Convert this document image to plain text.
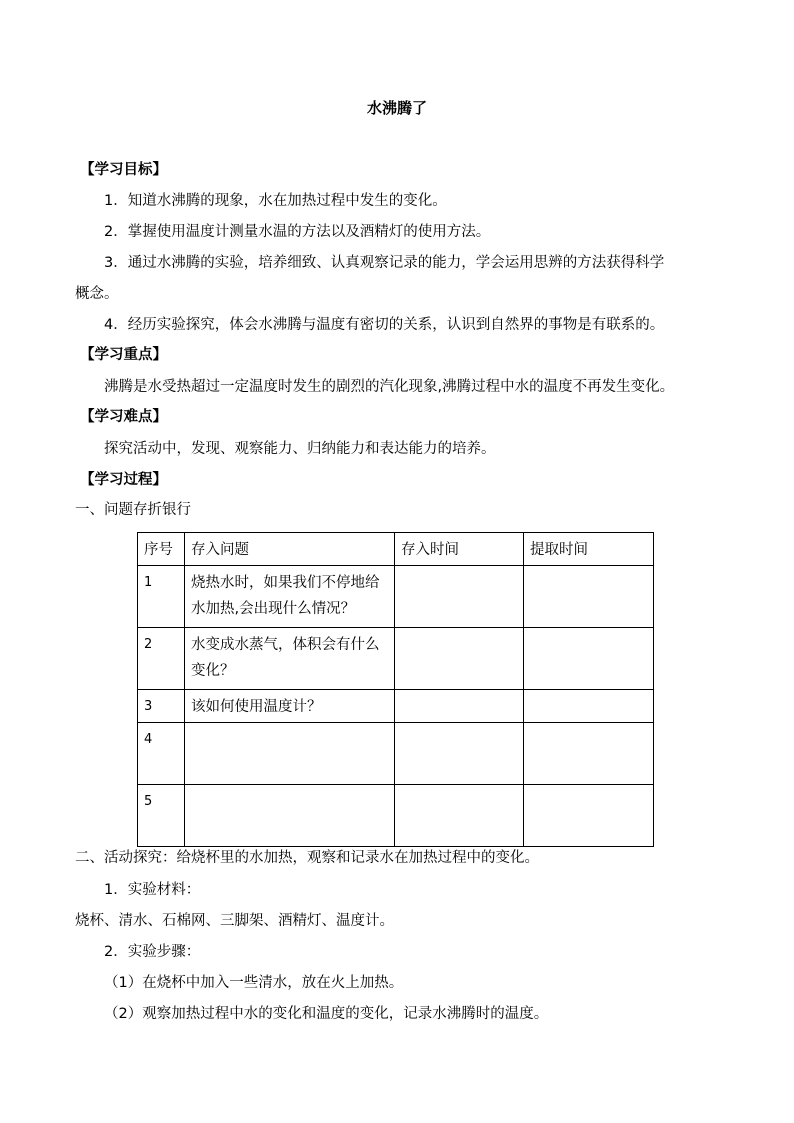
水沸腾了
【学习目标】
1．知道水沸腾的现象，水在加热过程中发生的变化。
2．掌握使用温度计测量水温的方法以及酒精灯的使用方法。
3．通过水沸腾的实验，培养细致、认真观察记录的能力，学会运用思辨的方法获得科学
概念。
4．经历实验探究，体会水沸腾与温度有密切的关系，认识到自然界的事物是有联系的。
【学习重点】
沸腾是水受热超过一定温度时发生的剧烈的汽化现象,沸腾过程中水的温度不再发生变化。
【学习难点】
探究活动中，发现、观察能力、归纳能力和表达能力的培养。
【学习过程】
一、问题存折银行
序号	存入问题	存入时间	提取时间
1	烧热水时，如果我们不停地给水加热,会出现什么情况？		
2	水变成水蒸气，体积会有什么变化？		
3	该如何使用温度计？		
4			
5			
二、活动探究：给烧杯里的水加热，观察和记录水在加热过程中的变化。
1．实验材料：
烧杯、清水、石棉网、三脚架、酒精灯、温度计。
2．实验步骤：
（1）在烧杯中加入一些清水，放在火上加热。
（2）观察加热过程中水的变化和温度的变化，记录水沸腾时的温度。
